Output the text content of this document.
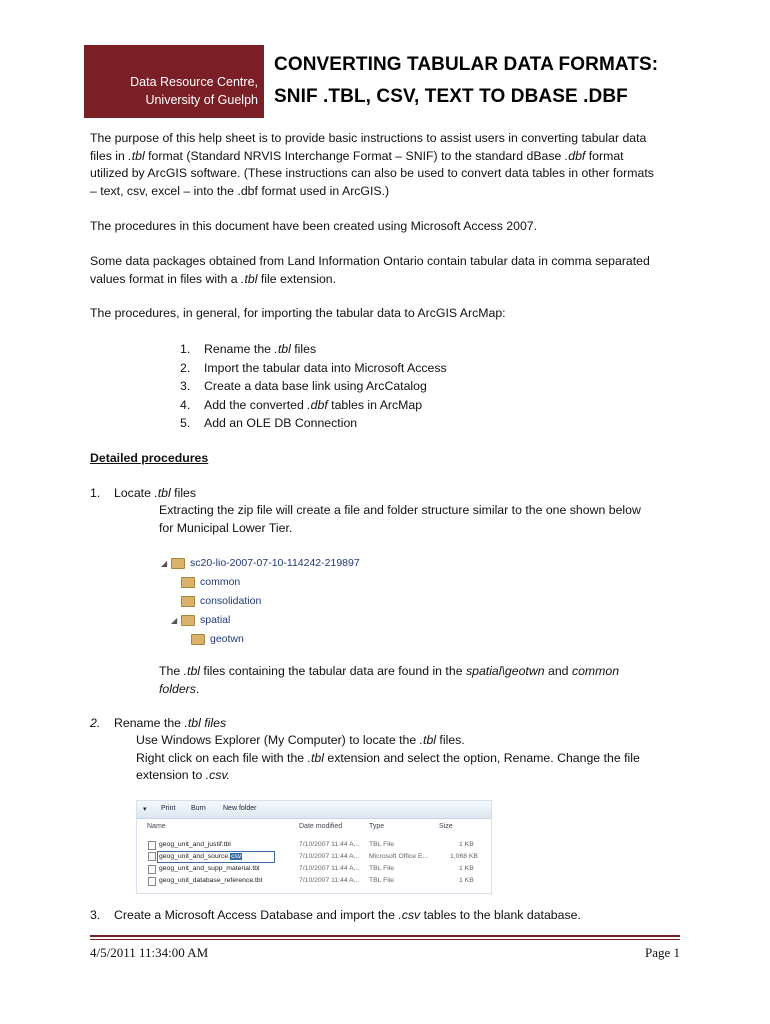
Data Resource Centre,
University of Guelph
CONVERTING TABULAR DATA FORMATS:
SNIF .TBL, CSV, TEXT TO DBASE .DBF
The purpose of this help sheet is to provide basic instructions to assist users in converting tabular data
files in .tbl format (Standard NRVIS Interchange Format – SNIF) to the standard dBase .dbf format
utilized by ArcGIS software. (These instructions can also be used to convert data tables in other formats
– text, csv, excel – into the .dbf format used in ArcGIS.)
The procedures in this document have been created using Microsoft Access 2007.
Some data packages obtained from Land Information Ontario contain tabular data in comma separated
values format in files with a .tbl file extension.
The procedures, in general, for importing the tabular data to ArcGIS ArcMap:
1. Rename the .tbl files
2. Import the tabular data into Microsoft Access
3. Create a data base link using ArcCatalog
4. Add the converted .dbf tables in ArcMap
5. Add an OLE DB Connection
Detailed procedures
1. Locate .tbl files
Extracting the zip file will create a file and folder structure similar to the one shown below
for Municipal Lower Tier.
◢ sc20-lio-2007-07-10-114242-219897
common
consolidation
◢ spatial
geotwn
The .tbl files containing the tabular data are found in the spatial\geotwn and common
folders.
2. Rename the .tbl files
Use Windows Explorer (My Computer) to locate the .tbl files.
Right click on each file with the .tbl extension and select the option, Rename. Change the file
extension to .csv.
▾ Print Burn New folder
Name	Date modified	Type	Size
geog_unit_and_justif.tbl	7/10/2007 11:44 A... TBL File	1 KB
geog_unit_and_source.csv	7/10/2007 11:44 A... Microsoft Office E...	1,068 KB
geog_unit_and_supp_material.tbl	7/10/2007 11:44 A... TBL File	1 KB
geog_unit_database_reference.tbl	7/10/2007 11:44 A... TBL File	1 KB
3. Create a Microsoft Access Database and import the .csv tables to the blank database.
4/5/2011 11:34:00 AM	Page 1
